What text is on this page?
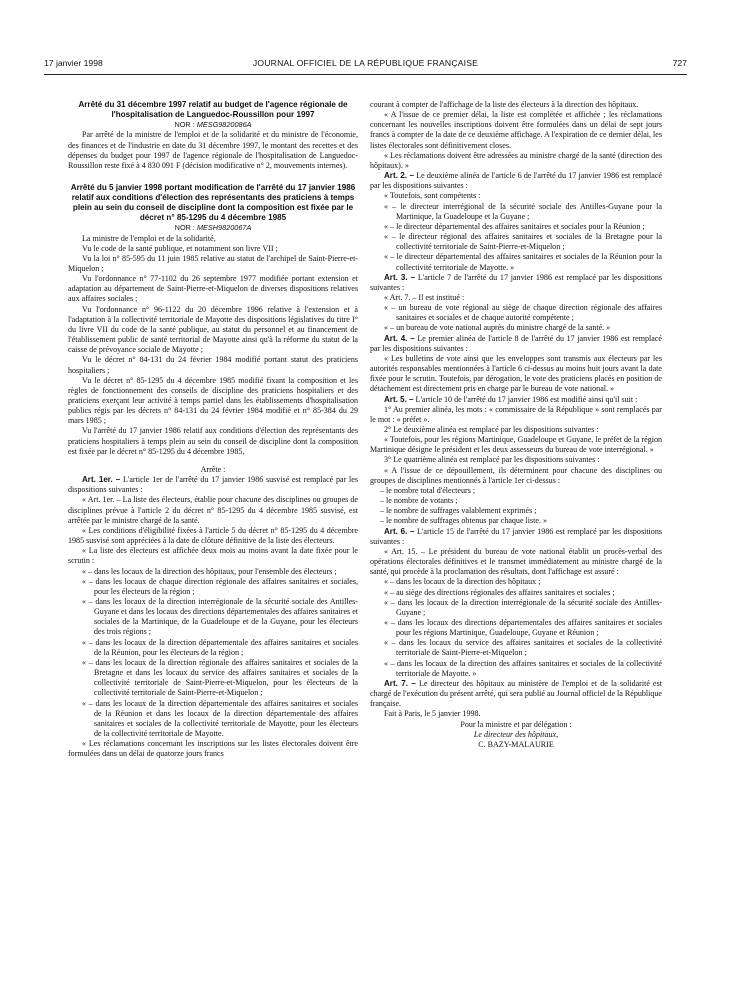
17 janvier 1998	JOURNAL OFFICIEL DE LA RÉPUBLIQUE FRANÇAISE	727

Arrêté du 31 décembre 1997 relatif au budget de l'agence régionale de l'hospitalisation de Languedoc-Roussillon pour 1997

NOR : MESG9820086A

Par arrêté de la ministre de l'emploi et de la solidarité et du ministre de l'économie, des finances et de l'industrie en date du 31 décembre 1997, le montant des recettes et des dépenses du budget pour 1997 de l'agence régionale de l'hospitalisation de Languedoc-Roussillon reste fixé à 4 830 091 F (décision modificative n° 2, mouvements internes).

Arrêté du 5 janvier 1998 portant modification de l'arrêté du 17 janvier 1986 relatif aux conditions d'élection des représentants des praticiens à temps plein au sein du conseil de discipline dont la composition est fixée par le décret n° 85-1295 du 4 décembre 1985

NOR : MESH9820067A

La ministre de l'emploi et de la solidarité,

Vu le code de la santé publique, et notamment son livre VII ;

Vu la loi n° 85-595 du 11 juin 1985 relative au statut de l'archipel de Saint-Pierre-et-Miquelon ;

Vu l'ordonnance n° 77-1102 du 26 septembre 1977 modifiée portant extension et adaptation au département de Saint-Pierre-et-Miquelon de diverses dispositions relatives aux affaires sociales ;

Vu l'ordonnance n° 96-1122 du 20 décembre 1996 relative à l'extension et à l'adaptation à la collectivité territoriale de Mayotte des dispositions législatives du titre I° du livre VII du code de la santé publique, au statut du personnel et au financement de l'établissement public de santé territorial de Mayotte ainsi qu'à la réforme du statut de la caisse de prévoyance sociale de Mayotte ;

Vu le décret n° 84-131 du 24 février 1984 modifié portant statut des praticiens hospitaliers ;

Vu le décret n° 85-1295 du 4 décembre 1985 modifié fixant la composition et les règles de fonctionnement des conseils de discipline des praticiens hospitaliers et des praticiens exerçant leur activité à temps partiel dans les établissements d'hospitalisation publics régis par les décrets n° 84-131 du 24 février 1984 modifié et n° 85-384 du 29 mars 1985 ;

Vu l'arrêté du 17 janvier 1986 relatif aux conditions d'élection des représentants des praticiens hospitaliers à temps plein au sein du conseil de discipline dont la composition est fixée par le décret n° 85-1295 du 4 décembre 1985,

Arrête :

Art. 1er. – L'article 1er de l'arrêté du 17 janvier 1986 susvisé est remplacé par les dispositions suivantes :

« Art. 1er. – La liste des électeurs, établie pour chacune des disciplines ou groupes de disciplines prévue à l'article 2 du décret n° 85-1295 du 4 décembre 1985 susvisé, est arrêtée par le ministre chargé de la santé.

« Les conditions d'éligibilité fixées à l'article 5 du décret n° 85-1295 du 4 décembre 1985 susvisé sont appréciées à la date de clôture définitive de la liste des électeurs.

« La liste des électeurs est affichée deux mois au moins avant la date fixée pour le scrutin :

« – dans les locaux de la direction des hôpitaux, pour l'ensemble des électeurs ;

« – dans les locaux de chaque direction régionale des affaires sanitaires et sociales, pour les électeurs de la région ;

« – dans les locaux de la direction interrégionale de la sécurité sociale des Antilles-Guyane et dans les locaux des directions départementales des affaires sanitaires et sociales de la Martinique, de la Guadeloupe et de la Guyane, pour les électeurs des trois régions ;

« – dans les locaux de la direction départementale des affaires sanitaires et sociales de la Réunion, pour les électeurs de la région ;

« – dans les locaux de la direction régionale des affaires sanitaires et sociales de la Bretagne et dans les locaux du service des affaires sanitaires et sociales de la collectivité territoriale de Saint-Pierre-et-Miquelon, pour les électeurs de la collectivité territoriale de Saint-Pierre-et-Miquelon ;

« – dans les locaux de la direction départementale des affaires sanitaires et sociales de la Réunion et dans les locaux de la direction départementale des affaires sanitaires et sociales de la collectivité territoriale de Mayotte, pour les électeurs de la collectivité territoriale de Mayotte.

« Les réclamations concernant les inscriptions sur les listes électorales doivent être formulées dans un délai de quatorze jours francs

courant à compter de l'affichage de la liste des électeurs à la direction des hôpitaux.

« A l'issue de ce premier délai, la liste est complétée et affichée ; les réclamations concernant les nouvelles inscriptions doivent être formulées dans un délai de sept jours francs à compter de la date de ce deuxième affichage. A l'expiration de ce dernier délai, les listes électorales sont définitivement closes.

« Les réclamations doivent être adressées au ministre chargé de la santé (direction des hôpitaux). »

Art. 2. – Le deuxième alinéa de l'article 6 de l'arrêté du 17 janvier 1986 est remplacé par les dispositions suivantes :

« Toutefois, sont compétents :

« – le directeur interrégional de la sécurité sociale des Antilles-Guyane pour la Martinique, la Guadeloupe et la Guyane ;

« – le directeur départemental des affaires sanitaires et sociales pour la Réunion ;

« – le directeur régional des affaires sanitaires et sociales de la Bretagne pour la collectivité territoriale de Saint-Pierre-et-Miquelon ;

« – le directeur départemental des affaires sanitaires et sociales de la Réunion pour la collectivité territoriale de Mayotte. »

Art. 3. – L'article 7 de l'arrêté du 17 janvier 1986 est remplacé par les dispositions suivantes :

« Art. 7. – Il est institué :

« – un bureau de vote régional au siège de chaque direction régionale des affaires sanitaires et sociales et de chaque autorité compétente ;

« – un bureau de vote national auprès du ministre chargé de la santé. »

Art. 4. – Le premier alinéa de l'article 8 de l'arrêté du 17 janvier 1986 est remplacé par les dispositions suivantes :

« Les bulletins de vote ainsi que les enveloppes sont transmis aux électeurs par les autorités responsables mentionnées à l'article 6 ci-dessus au moins huit jours avant la date fixée pour le scrutin. Toutefois, par dérogation, le vote des praticiens placés en position de détachement est directement pris en charge par le bureau de vote national. »

Art. 5. – L'article 10 de l'arrêté du 17 janvier 1986 est modifié ainsi qu'il suit :

1° Au premier alinéa, les mots : « commissaire de la République » sont remplacés par le mot : « préfet ».

2° Le deuxième alinéa est remplacé par les dispositions suivantes :

« Toutefois, pour les régions Martinique, Guadeloupe et Guyane, le préfet de la région Martinique désigne le président et les deux assesseurs du bureau de vote interrégional. »

3° Le quatrième alinéa est remplacé par les dispositions suivantes :

« A l'issue de ce dépouillement, ils déterminent pour chacune des disciplines ou groupes de disciplines mentionnés à l'article 1er ci-dessus :

– le nombre total d'électeurs ;

– le nombre de votants ;

– le nombre de suffrages valablement exprimés ;

– le nombre de suffrages obtenus par chaque liste. »

Art. 6. – L'article 15 de l'arrêté du 17 janvier 1986 est remplacé par les dispositions suivantes :

« Art. 15. – Le président du bureau de vote national établit un procès-verbal des opérations électorales définitives et le transmet immédiatement au ministre chargé de la santé, qui procède à la proclamation des résultats, dont l'affichage est assuré :

« – dans les locaux de la direction des hôpitaux ;

« – au siège des directions régionales des affaires sanitaires et sociales ;

« – dans les locaux de la direction interrégionale de la sécurité sociale des Antilles-Guyane ;

« – dans les locaux des directions départementales des affaires sanitaires et sociales pour les régions Martinique, Guadeloupe, Guyane et Réunion ;

« – dans les locaux du service des affaires sanitaires et sociales de la collectivité territoriale de Saint-Pierre-et-Miquelon ;

« – dans les locaux de la direction des affaires sanitaires et sociales de la collectivité territoriale de Mayotte. »

Art. 7. – Le directeur des hôpitaux au ministère de l'emploi et de la solidarité est chargé de l'exécution du présent arrêté, qui sera publié au Journal officiel de la République française.

Fait à Paris, le 5 janvier 1998.

Pour la ministre et par délégation :

Le directeur des hôpitaux,

C. BAZY-MALAURIE
